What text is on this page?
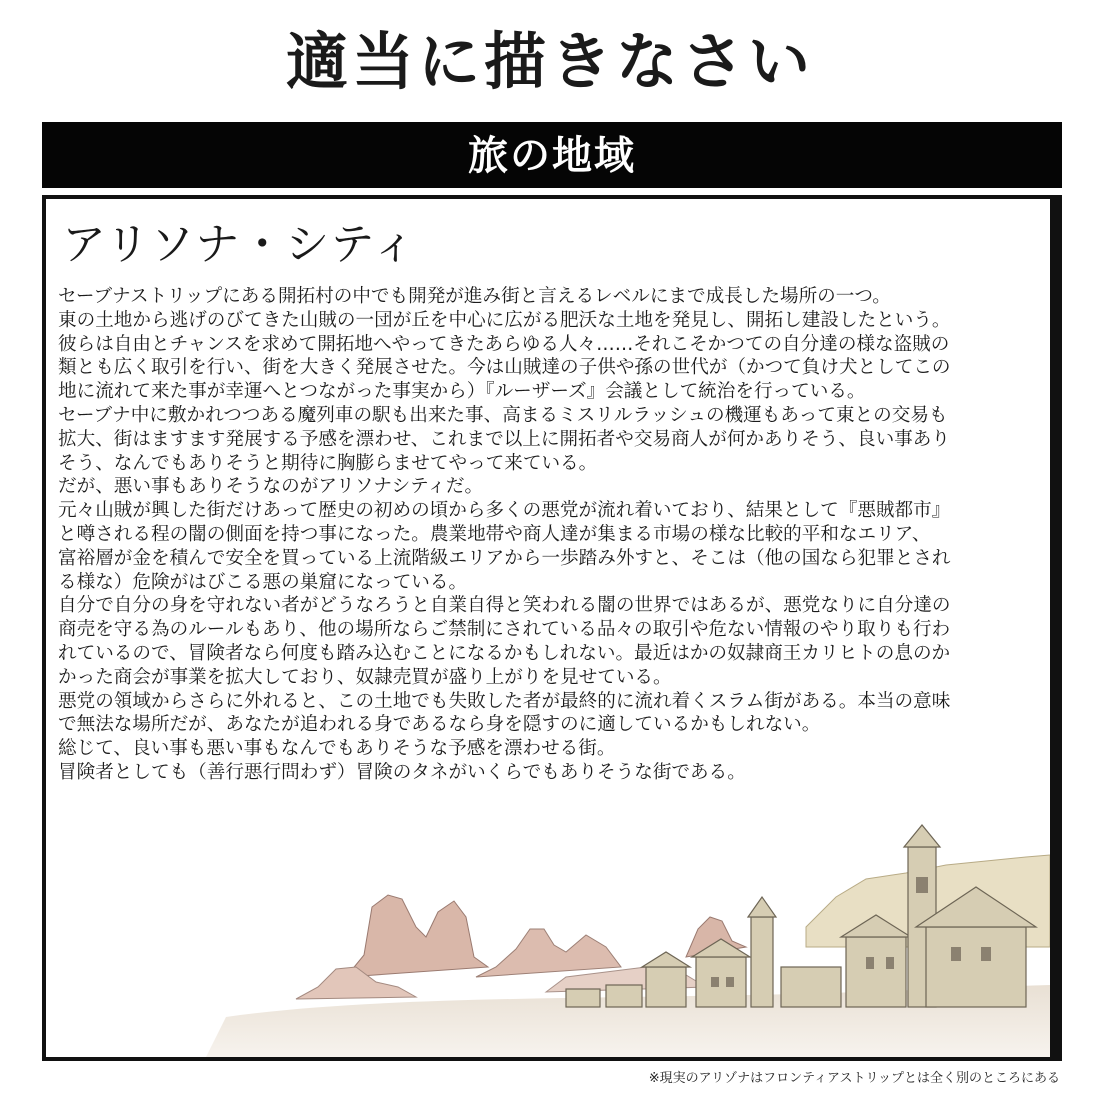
適当に描きなさい
旅の地域
アリソナ・シティ
セーブナストリップにある開拓村の中でも開発が進み街と言えるレベルにまで成長した場所の一つ。
東の土地から逃げのびてきた山賊の一団が丘を中心に広がる肥沃な土地を発見し、開拓し建設したという。
彼らは自由とチャンスを求めて開拓地へやってきたあらゆる人々……それこそかつての自分達の様な盗賊の
類とも広く取引を行い、街を大きく発展させた。今は山賊達の子供や孫の世代が（かつて負け犬としてこの
地に流れて来た事が幸運へとつながった事実から）『ルーザーズ』会議として統治を行っている。
セーブナ中に敷かれつつある魔列車の駅も出来た事、高まるミスリルラッシュの機運もあって東との交易も
拡大、街はますます発展する予感を漂わせ、これまで以上に開拓者や交易商人が何かありそう、良い事あり
そう、なんでもありそうと期待に胸膨らませてやって来ている。
だが、悪い事もありそうなのがアリソナシティだ。
元々山賊が興した街だけあって歴史の初めの頃から多くの悪党が流れ着いており、結果として『悪賊都市』
と噂される程の闇の側面を持つ事になった。農業地帯や商人達が集まる市場の様な比較的平和なエリア、
富裕層が金を積んで安全を買っている上流階級エリアから一歩踏み外すと、そこは（他の国なら犯罪とされ
る様な）危険がはびこる悪の巣窟になっている。
自分で自分の身を守れない者がどうなろうと自業自得と笑われる闇の世界ではあるが、悪党なりに自分達の
商売を守る為のルールもあり、他の場所ならご禁制にされている品々の取引や危ない情報のやり取りも行わ
れているので、冒険者なら何度も踏み込むことになるかもしれない。最近はかの奴隷商王カリヒトの息のか
かった商会が事業を拡大しており、奴隷売買が盛り上がりを見せている。
悪党の領域からさらに外れると、この土地でも失敗した者が最終的に流れ着くスラム街がある。本当の意味
で無法な場所だが、あなたが追われる身であるなら身を隠すのに適しているかもしれない。
総じて、良い事も悪い事もなんでもありそうな予感を漂わせる街。
冒険者としても（善行悪行問わず）冒険のタネがいくらでもありそうな街である。
※現実のアリゾナはフロンティアストリップとは全く別のところにある
